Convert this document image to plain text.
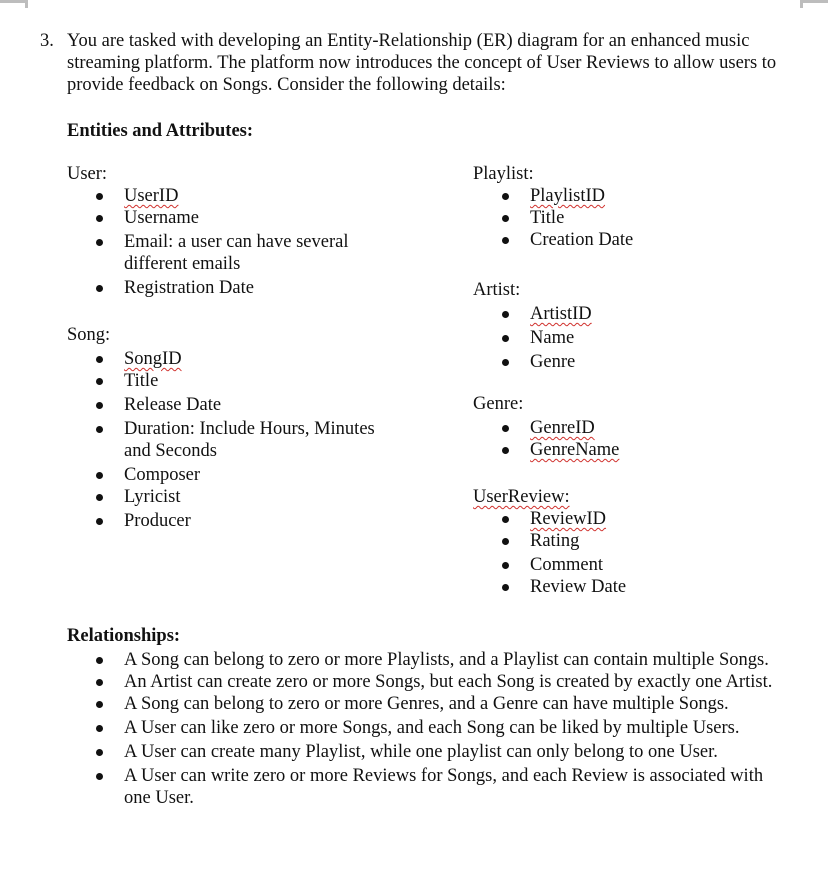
3. You are tasked with developing an Entity-Relationship (ER) diagram for an enhanced music streaming platform. The platform now introduces the concept of User Reviews to allow users to provide feedback on Songs. Consider the following details:

Entities and Attributes:
User:
UserID
Username
Email: a user can have several different emails
Registration Date
Song:
SongID
Title
Release Date
Duration: Include Hours, Minutes and Seconds
Composer
Lyricist
Producer
Playlist:
PlaylistID
Title
Creation Date
Artist:
ArtistID
Name
Genre
Genre:
GenreID
GenreName
UserReview:
ReviewID
Rating
Comment
Review Date
Relationships:
A Song can belong to zero or more Playlists, and a Playlist can contain multiple Songs.
An Artist can create zero or more Songs, but each Song is created by exactly one Artist.
A Song can belong to zero or more Genres, and a Genre can have multiple Songs.
A User can like zero or more Songs, and each Song can be liked by multiple Users.
A User can create many Playlist, while one playlist can only belong to one User.
A User can write zero or more Reviews for Songs, and each Review is associated with one User.
